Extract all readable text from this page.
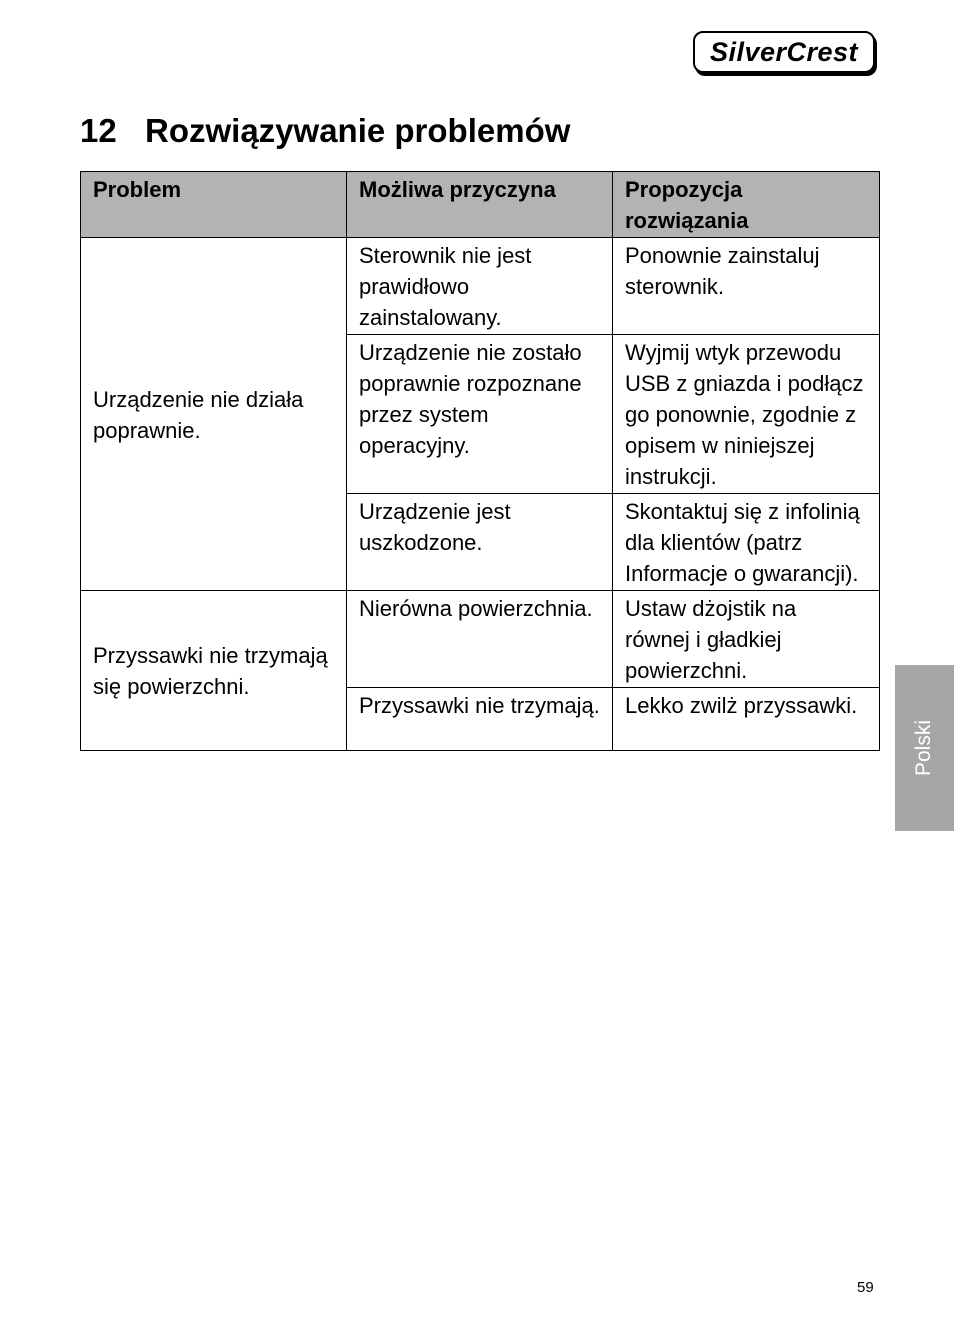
SilverCrest
12 Rozwiązywanie problemów
Problem	Możliwa przyczyna	Propozycja rozwiązania
Urządzenie nie działa poprawnie.	Sterownik nie jest prawidłowo zainstalowany.	Ponownie zainstaluj sterownik.
	Urządzenie nie zostało poprawnie rozpoznane przez system operacyjny.	Wyjmij wtyk przewodu USB z gniazda i podłącz go ponownie, zgodnie z opisem w niniejszej instrukcji.
	Urządzenie jest uszkodzone.	Skontaktuj się z infolinią dla klientów (patrz Informacje o gwarancji).
Przyssawki nie trzymają się powierzchni.	Nierówna powierzchnia.	Ustaw dżojstik na równej i gładkiej powierzchni.
	Przyssawki nie trzymają.	Lekko zwilż przyssawki.
Polski
59
